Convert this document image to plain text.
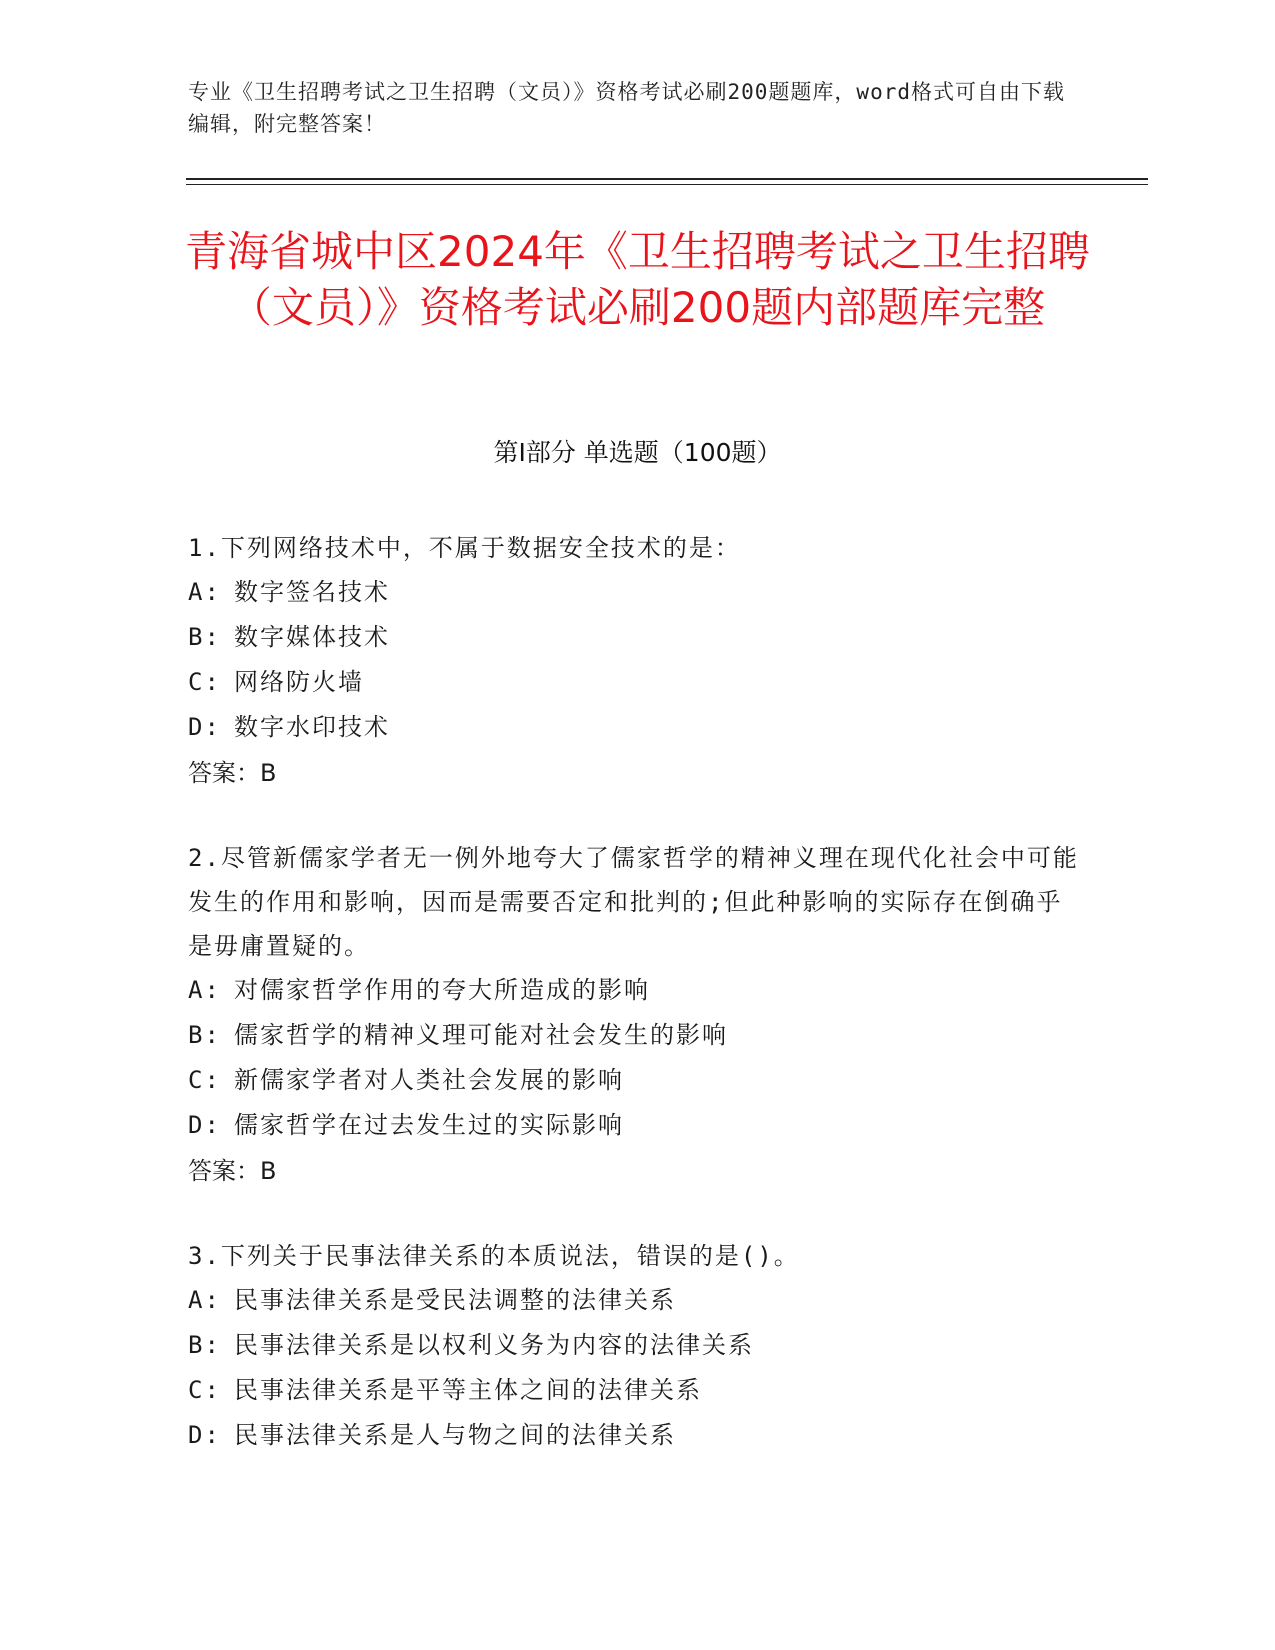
专业《卫生招聘考试之卫生招聘（文员）》资格考试必刷200题题库，word格式可自由下载编辑，附完整答案！
青海省城中区2024年《卫生招聘考试之卫生招聘（文员）》资格考试必刷200题内部题库完整
第I部分 单选题（100题）
1.下列网络技术中，不属于数据安全技术的是：
A: 数字签名技术
B: 数字媒体技术
C: 网络防火墙
D: 数字水印技术
答案：B
2.尽管新儒家学者无一例外地夸大了儒家哲学的精神义理在现代化社会中可能发生的作用和影响，因而是需要否定和批判的;但此种影响的实际存在倒确乎是毋庸置疑的。
A: 对儒家哲学作用的夸大所造成的影响
B: 儒家哲学的精神义理可能对社会发生的影响
C: 新儒家学者对人类社会发展的影响
D: 儒家哲学在过去发生过的实际影响
答案：B
3.下列关于民事法律关系的本质说法，错误的是()。
A: 民事法律关系是受民法调整的法律关系
B: 民事法律关系是以权利义务为内容的法律关系
C: 民事法律关系是平等主体之间的法律关系
D: 民事法律关系是人与物之间的法律关系
